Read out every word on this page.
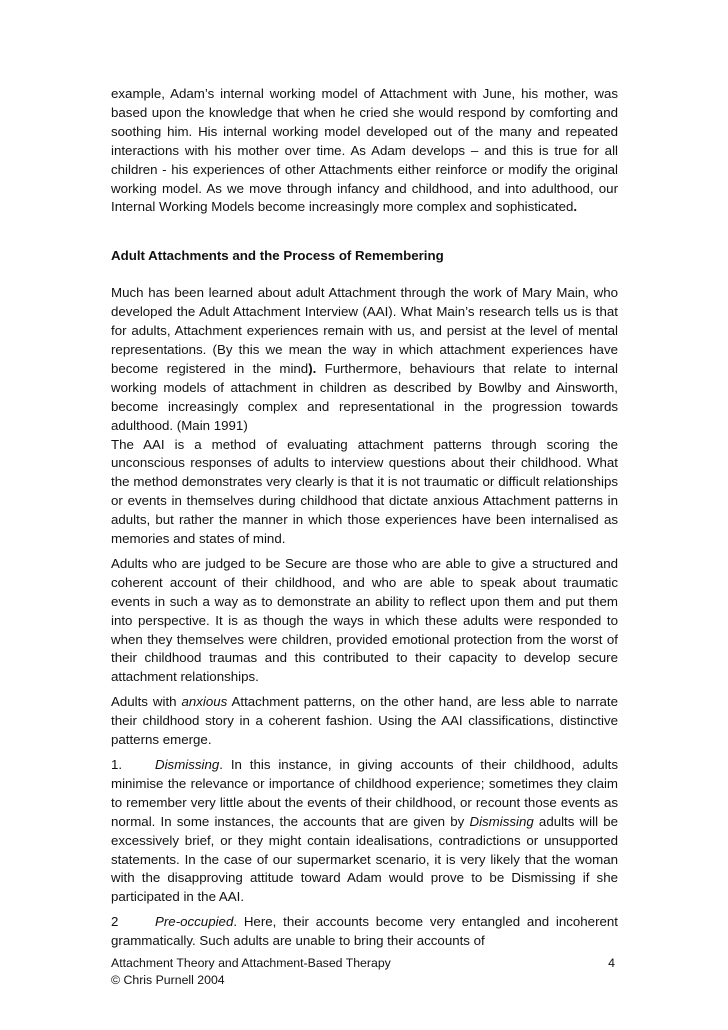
example, Adam’s internal working model of Attachment with June, his mother, was based upon the knowledge that when he cried she would respond by comforting and soothing him. His internal working model developed out of the many and repeated interactions with his mother over time. As Adam develops – and this is true for all children - his experiences of other Attachments either reinforce or modify the original working model. As we move through infancy and childhood, and into adulthood, our Internal Working Models become increasingly more complex and sophisticated.

Adult Attachments and the Process of Remembering

Much has been learned about adult Attachment through the work of Mary Main, who developed the Adult Attachment Interview (AAI). What Main’s research tells us is that for adults, Attachment experiences remain with us, and persist at the level of mental representations. (By this we mean the way in which attachment experiences have become registered in the mind). Furthermore, behaviours that relate to internal working models of attachment in children as described by Bowlby and Ainsworth, become increasingly complex and representational in the progression towards adulthood. (Main 1991)

The AAI is a method of evaluating attachment patterns through scoring the unconscious responses of adults to interview questions about their childhood. What the method demonstrates very clearly is that it is not traumatic or difficult relationships or events in themselves during childhood that dictate anxious Attachment patterns in adults, but rather the manner in which those experiences have been internalised as memories and states of mind.

Adults who are judged to be Secure are those who are able to give a structured and coherent account of their childhood, and who are able to speak about traumatic events in such a way as to demonstrate an ability to reflect upon them and put them into perspective. It is as though the ways in which these adults were responded to when they themselves were children, provided emotional protection from the worst of their childhood traumas and this contributed to their capacity to develop secure attachment relationships.

Adults with anxious Attachment patterns, on the other hand, are less able to narrate their childhood story in a coherent fashion. Using the AAI classifications, distinctive patterns emerge.

1. Dismissing. In this instance, in giving accounts of their childhood, adults minimise the relevance or importance of childhood experience; sometimes they claim to remember very little about the events of their childhood, or recount those events as normal. In some instances, the accounts that are given by Dismissing adults will be excessively brief, or they might contain idealisations, contradictions or unsupported statements. In the case of our supermarket scenario, it is very likely that the woman with the disapproving attitude toward Adam would prove to be Dismissing if she participated in the AAI.

2	Pre-occupied. Here, their accounts become very entangled and incoherent grammatically. Such adults are unable to bring their accounts of

Attachment Theory and Attachment-Based Therapy	4
© Chris Purnell 2004
